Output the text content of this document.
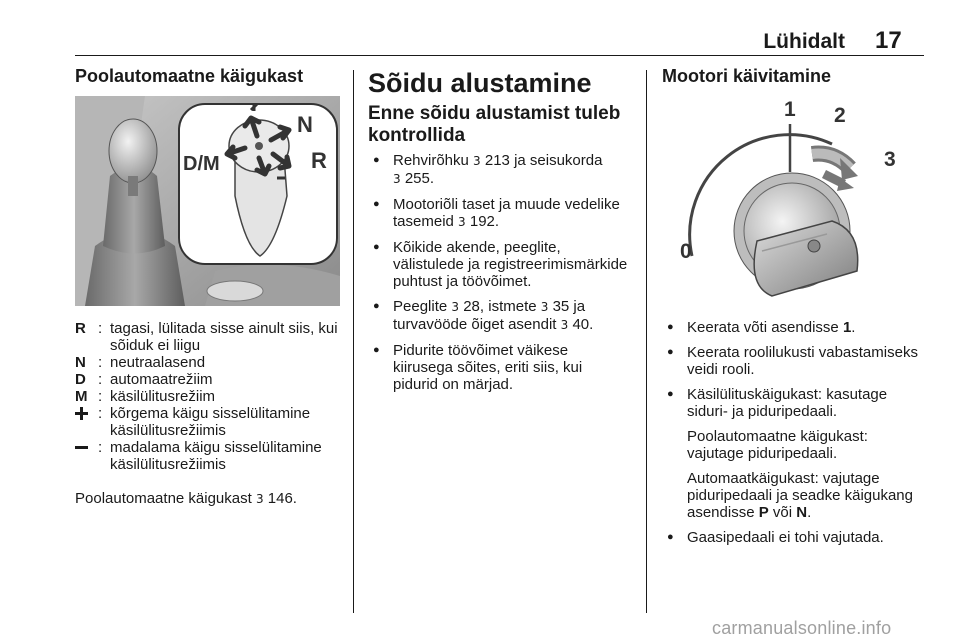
Lühidalt 17
Poolautomaatne käigukast
D/M
N
R
R : tagasi, lülitada sisse ainult siis, kui sõiduk ei liigu
N : neutraalasend
D : automaatrežiim
M : käsilülitusrežiim
: kõrgema käigu sisselülitamine käsilülitusrežiimis
: madalama käigu sisselülitamine käsilülitusrežiimis
Poolautomaatne käigukast 3 146.
Sõidu alustamine
Enne sõidu alustamist tuleb kontrollida
● Rehvirõhku 3 213 ja seisukorda
3 255.
● Mootoriõli taset ja muude vedelike tasemeid 3 192.
● Kõikide akende, peeglite, välistulede ja registreerimismärkide puhtust ja töövõimet.
● Peeglite 3 28, istmete 3 35 ja turvavööde õiget asendit 3 40.
● Pidurite töövõimet väikese kiirusega sõites, eriti siis, kui pidurid on märjad.
Mootori käivitamine
0
1 2
3
● Keerata võti asendisse 1.
● Keerata roolilukusti vabastamiseks veidi rooli.
● Käsilülituskäigukast: kasutage siduri- ja piduripedaali.

Poolautomaatne käigukast: vajutage piduripedaali.

Automaatkäigukast: vajutage piduripedaali ja seadke käigukang asendisse P või N.

● Gaasipedaali ei tohi vajutada.
carmanualsonline.info
